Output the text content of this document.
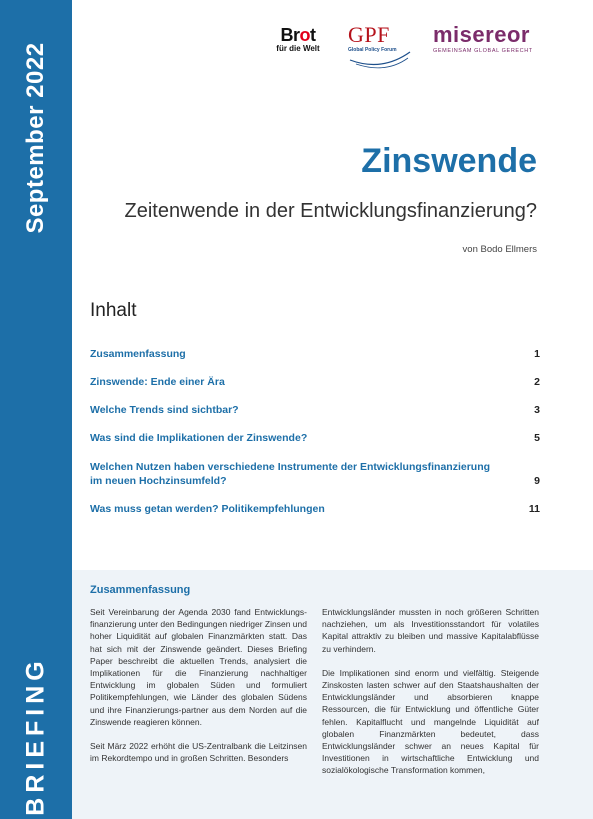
September 2022
BRIEFING
Brot
für die Welt
GPF
Global Policy Forum
misereor
GEMEINSAM GLOBAL GERECHT
Zinswende
Zeitenwende in der Entwicklungsfinanzierung?
von Bodo Ellmers
Inhalt
Zusammenfassung	1
Zinswende: Ende einer Ära	2
Welche Trends sind sichtbar?	3
Was sind die Implikationen der Zinswende?	5
Welchen Nutzen haben verschiedene Instrumente der Entwicklungsfinanzierung im neuen Hochzinsumfeld?	9
Was muss getan werden? Politikempfehlungen	11
Zusammenfassung

Seit Vereinbarung der Agenda 2030 fand Entwicklungs-finanzierung unter den Bedingungen niedriger Zinsen und hoher Liquidität auf globalen Finanzmärkten statt. Das hat sich mit der Zinswende geändert. Dieses Briefing Paper beschreibt die aktuellen Trends, analysiert die Implikationen für die Finanzierung nachhaltiger Entwicklung im globalen Süden und formuliert Politikempfehlungen, wie Länder des globalen Südens und ihre Finanzierungs-partner aus dem Norden auf die Zinswende reagieren können.

Seit März 2022 erhöht die US-Zentralbank die Leitzinsen im Rekordtempo und in großen Schritten. Besonders

Entwicklungsländer mussten in noch größeren Schritten nachziehen, um als Investitionsstandort für volatiles Kapital attraktiv zu bleiben und massive Kapitalabflüsse zu verhindern.

Die Implikationen sind enorm und vielfältig. Steigende Zinskosten lasten schwer auf den Staatshaushalten der Entwicklungsländer und absorbieren knappe Ressourcen, die für Entwicklung und öffentliche Güter fehlen. Kapitalflucht und mangelnde Liquidität auf globalen Finanzmärkten bedeutet, dass Entwicklungsländer schwer an neues Kapital für Investitionen in wirtschaftliche Entwicklung und sozialökologische Transformation kommen,
